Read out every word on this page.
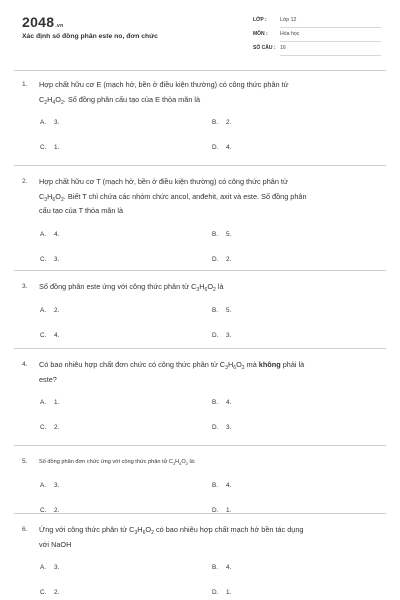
2048.vn
Xác định số đồng phân este no, đơn chức
LỚP :	Lớp 12
MÔN : Hóa học
SỐ CÂU : 16
1. Hợp chất hữu cơ E (mạch hở, bền ở điều kiện thường) có công thức phân tử
$C_2H_4O_2$. Số đồng phân cấu tạo của E thỏa mãn là
A. 3.	B. 2.
C. 1.	D. 4.
2. Hợp chất hữu cơ T (mạch hở, bền ở điều kiện thường) có công thức phân tử
$C_3H_6O_2$. Biết T chỉ chứa các nhóm chức ancol, anđehit, axit và este. Số đồng phân
cấu tạo của T thỏa mãn là
A. 4.	B. 5.
C. 3.	D. 2.
3. Số đồng phân este ứng với công thức phân tử $C_3H_6O_2$ là
A. 2.	B. 5.
C. 4.	D. 3.
4. Có bao nhiêu hợp chất đơn chức có công thức phân tử $C_3H_6O_2$ mà không phải là
este?
A. 1.	B. 4.
C. 2.	D. 3.
5. Số đồng phân đơn chức ứng với công thức phân tử $C_3H_6O_2$ là:
A. 3.	B. 4.
C. 2.	D. 1.
6. Ứng với công thức phân tử $C_3H_6O_2$ có bao nhiêu hợp chất mạch hở bền tác dụng
với NaOH
A. 3.	B. 4.
C. 2.	D. 1.
